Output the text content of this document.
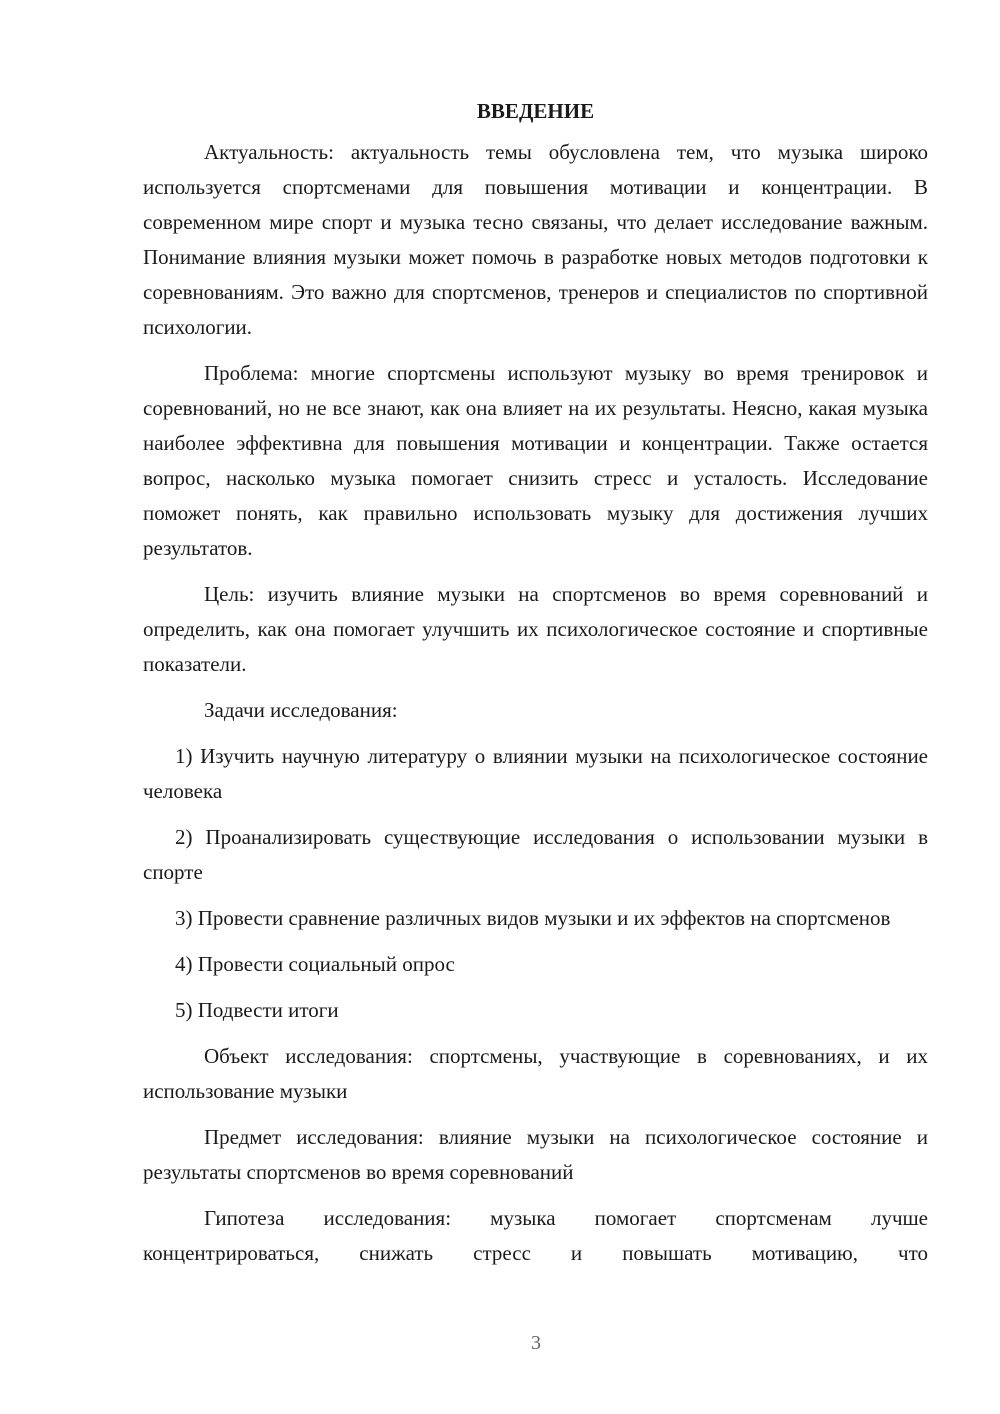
ВВЕДЕНИЕ

Актуальность: актуальность темы обусловлена тем, что музыка широко используется спортсменами для повышения мотивации и концентрации. В современном мире спорт и музыка тесно связаны, что делает исследование важным. Понимание влияния музыки может помочь в разработке новых методов подготовки к соревнованиям. Это важно для спортсменов, тренеров и специалистов по спортивной психологии.

Проблема: многие спортсмены используют музыку во время тренировок и соревнований, но не все знают, как она влияет на их результаты. Неясно, какая музыка наиболее эффективна для повышения мотивации и концентрации. Также остается вопрос, насколько музыка помогает снизить стресс и усталость. Исследование поможет понять, как правильно использовать музыку для достижения лучших результатов.

Цель: изучить влияние музыки на спортсменов во время соревнований и определить, как она помогает улучшить их психологическое состояние и спортивные показатели.

Задачи исследования:

1) Изучить научную литературу о влиянии музыки на психологическое состояние человека

2) Проанализировать существующие исследования о использовании музыки в спорте

3) Провести сравнение различных видов музыки и их эффектов на спортсменов

4) Провести социальный опрос

5) Подвести итоги

Объект исследования: спортсмены, участвующие в соревнованиях, и их использование музыки

Предмет исследования: влияние музыки на психологическое состояние и результаты спортсменов во время соревнований

Гипотеза исследования: музыка помогает спортсменам лучше концентрироваться, снижать стресс и повышать мотивацию, что

3
